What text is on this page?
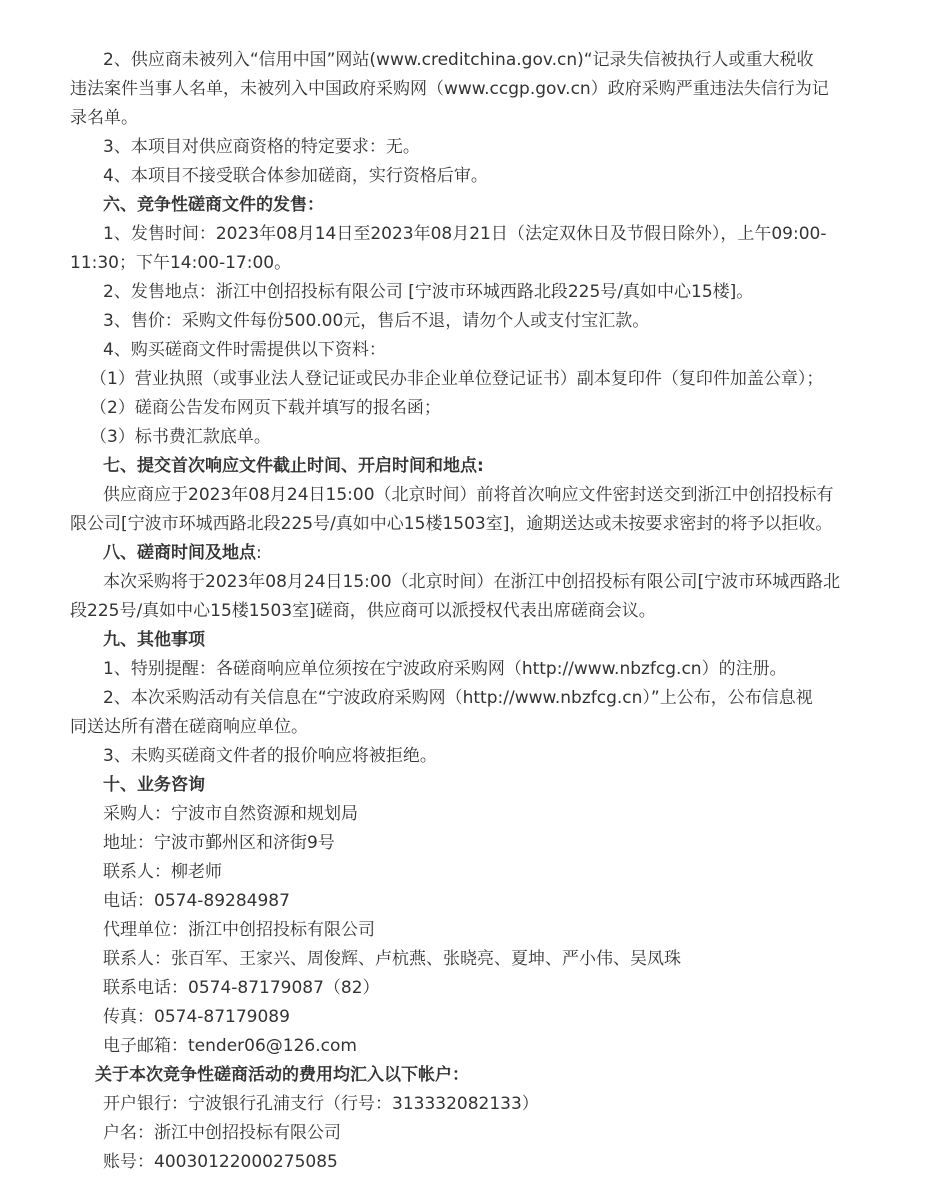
2、供应商未被列入“信用中国”网站(www.creditchina.gov.cn)“记录失信被执行人或重大税收
违法案件当事人名单，未被列入中国政府采购网（www.ccgp.gov.cn）政府采购严重违法失信行为记
录名单。
3、本项目对供应商资格的特定要求：无。
4、本项目不接受联合体参加磋商，实行资格后审。
六、竞争性磋商文件的发售：
1、发售时间：2023年08月14日至2023年08月21日（法定双休日及节假日除外），上午09:00-
11:30；下午14:00-17:00。
2、发售地点：浙江中创招投标有限公司 [宁波市环城西路北段225号/真如中心15楼]。
3、售价：采购文件每份500.00元，售后不退，请勿个人或支付宝汇款。
4、购买磋商文件时需提供以下资料：
（1）营业执照（或事业法人登记证或民办非企业单位登记证书）副本复印件（复印件加盖公章）；
（2）磋商公告发布网页下载并填写的报名函；
（3）标书费汇款底单。
七、提交首次响应文件截止时间、开启时间和地点:
供应商应于2023年08月24日15:00（北京时间）前将首次响应文件密封送交到浙江中创招投标有
限公司[宁波市环城西路北段225号/真如中心15楼1503室]，逾期送达或未按要求密封的将予以拒收。
八、磋商时间及地点:
本次采购将于2023年08月24日15:00（北京时间）在浙江中创招投标有限公司[宁波市环城西路北
段225号/真如中心15楼1503室]磋商，供应商可以派授权代表出席磋商会议。
九、其他事项
1、特别提醒：各磋商响应单位须按在宁波政府采购网（http://www.nbzfcg.cn）的注册。
2、本次采购活动有关信息在“宁波政府采购网（http://www.nbzfcg.cn）”上公布，公布信息视
同送达所有潜在磋商响应单位。
3、未购买磋商文件者的报价响应将被拒绝。
十、业务咨询
采购人：宁波市自然资源和规划局
地址：宁波市鄞州区和济街9号
联系人：柳老师
电话：0574-89284987
代理单位：浙江中创招投标有限公司
联系人：张百军、王家兴、周俊辉、卢杭燕、张晓亮、夏坤、严小伟、吴凤珠
联系电话：0574-87179087（82）
传真：0574-87179089
电子邮箱：tender06@126.com
关于本次竞争性磋商活动的费用均汇入以下帐户：
开户银行：宁波银行孔浦支行（行号：313332082133）
户名：浙江中创招投标有限公司
账号：40030122000275085
